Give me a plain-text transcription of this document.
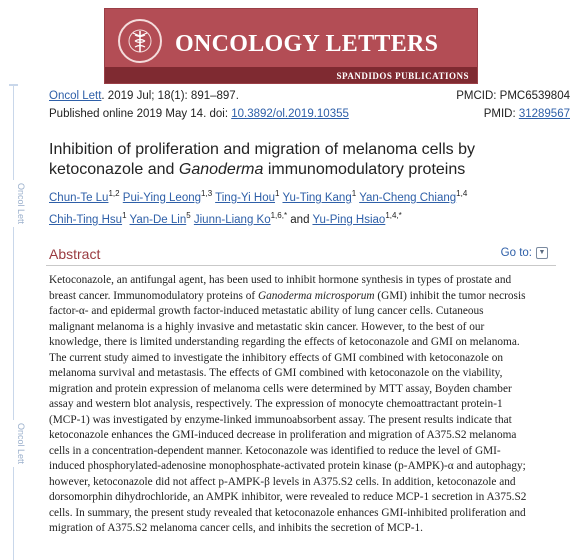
ONCOLOGY LETTERS
SPANDIDOS PUBLICATIONS
Oncol Lett
Oncol Lett
Oncol Lett. 2019 Jul; 18(1): 891–897.
Published online 2019 May 14. doi: 10.3892/ol.2019.10355
PMCID: PMC6539804
PMID: 31289567
Inhibition of proliferation and migration of melanoma cells by ketoconazole and Ganoderma immunomodulatory proteins
Chun-Te Lu$^{1,2}$ Pui-Ying Leong$^{1,3}$ Ting-Yi Hou$^1$ Yu-Ting Kang$^1$ Yan-Cheng Chiang$^{1,4}$
Chih-Ting Hsu$^1$ Yan-De Lin$^5$ Jiunn-Liang $Ko^{1,6,*}$ and Yu-Ping Hsiao$^{1,4,*}$
Abstract	Go to: ▼
Ketoconazole, an antifungal agent, has been used to inhibit hormone synthesis in types of prostate and
breast cancer. Immunomodulatory proteins of Ganoderma microsporum (GMI) inhibit the tumor necrosis
factor-α- and epidermal growth factor-induced metastatic ability of lung cancer cells. Cutaneous
malignant melanoma is a highly invasive and metastatic skin cancer. However, to the best of our
knowledge, there is limited understanding regarding the effects of ketoconazole and GMI on melanoma.
The current study aimed to investigate the inhibitory effects of GMI combined with ketoconazole on
melanoma survival and metastasis. The effects of GMI combined with ketoconazole on the viability,
migration and protein expression of melanoma cells were determined by MTT assay, Boyden chamber
assay and western blot analysis, respectively. The expression of monocyte chemoattractant protein-1
(MCP-1) was investigated by enzyme-linked immunoabsorbent assay. The present results indicate that
ketoconazole enhances the GMI-induced decrease in proliferation and migration of A375.S2 melanoma
cells in a concentration-dependent manner. Ketoconazole was identified to reduce the level of GMI-
induced phosphorylated-adenosine monophosphate-activated protein kinase (p-AMPK)-α and autophagy;
however, ketoconazole did not affect p-AMPK-β levels in A375.S2 cells. In addition, ketoconazole and
dorsomorphin dihydrochloride, an AMPK inhibitor, were revealed to reduce MCP-1 secretion in A375.S2
cells. In summary, the present study revealed that ketoconazole enhances GMI-inhibited proliferation and
migration of A375.S2 melanoma cancer cells, and inhibits the secretion of MCP-1.
